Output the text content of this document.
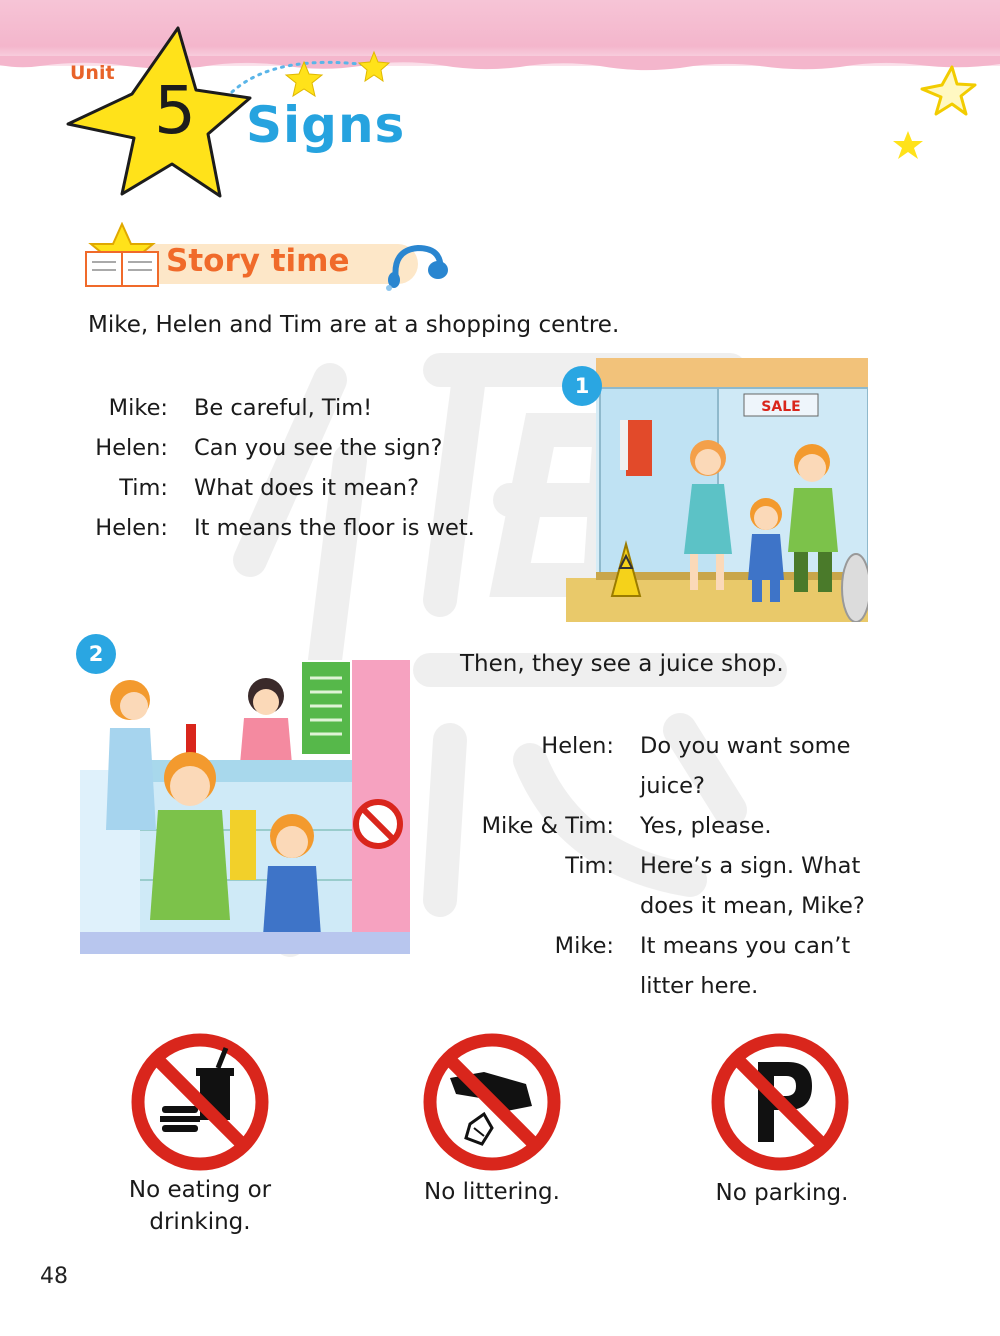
Unit 5 Signs
Story time
Mike, Helen and Tim are at a shopping centre.
Mike:	Be careful, Tim!
Helen:	Can you see the sign?
Tim:	What does it mean?
Helen:	It means the floor is wet.
SALE
1
2	Then, they see a juice shop.
Helen:	Do you want some
juice?
Mike & Tim:	Yes, please.
Tim:	Here’s a sign. What
does it mean, Mike?
Mike:	It means you can’t
litter here.
No eating or
drinking.
No littering.	No parking.
48
